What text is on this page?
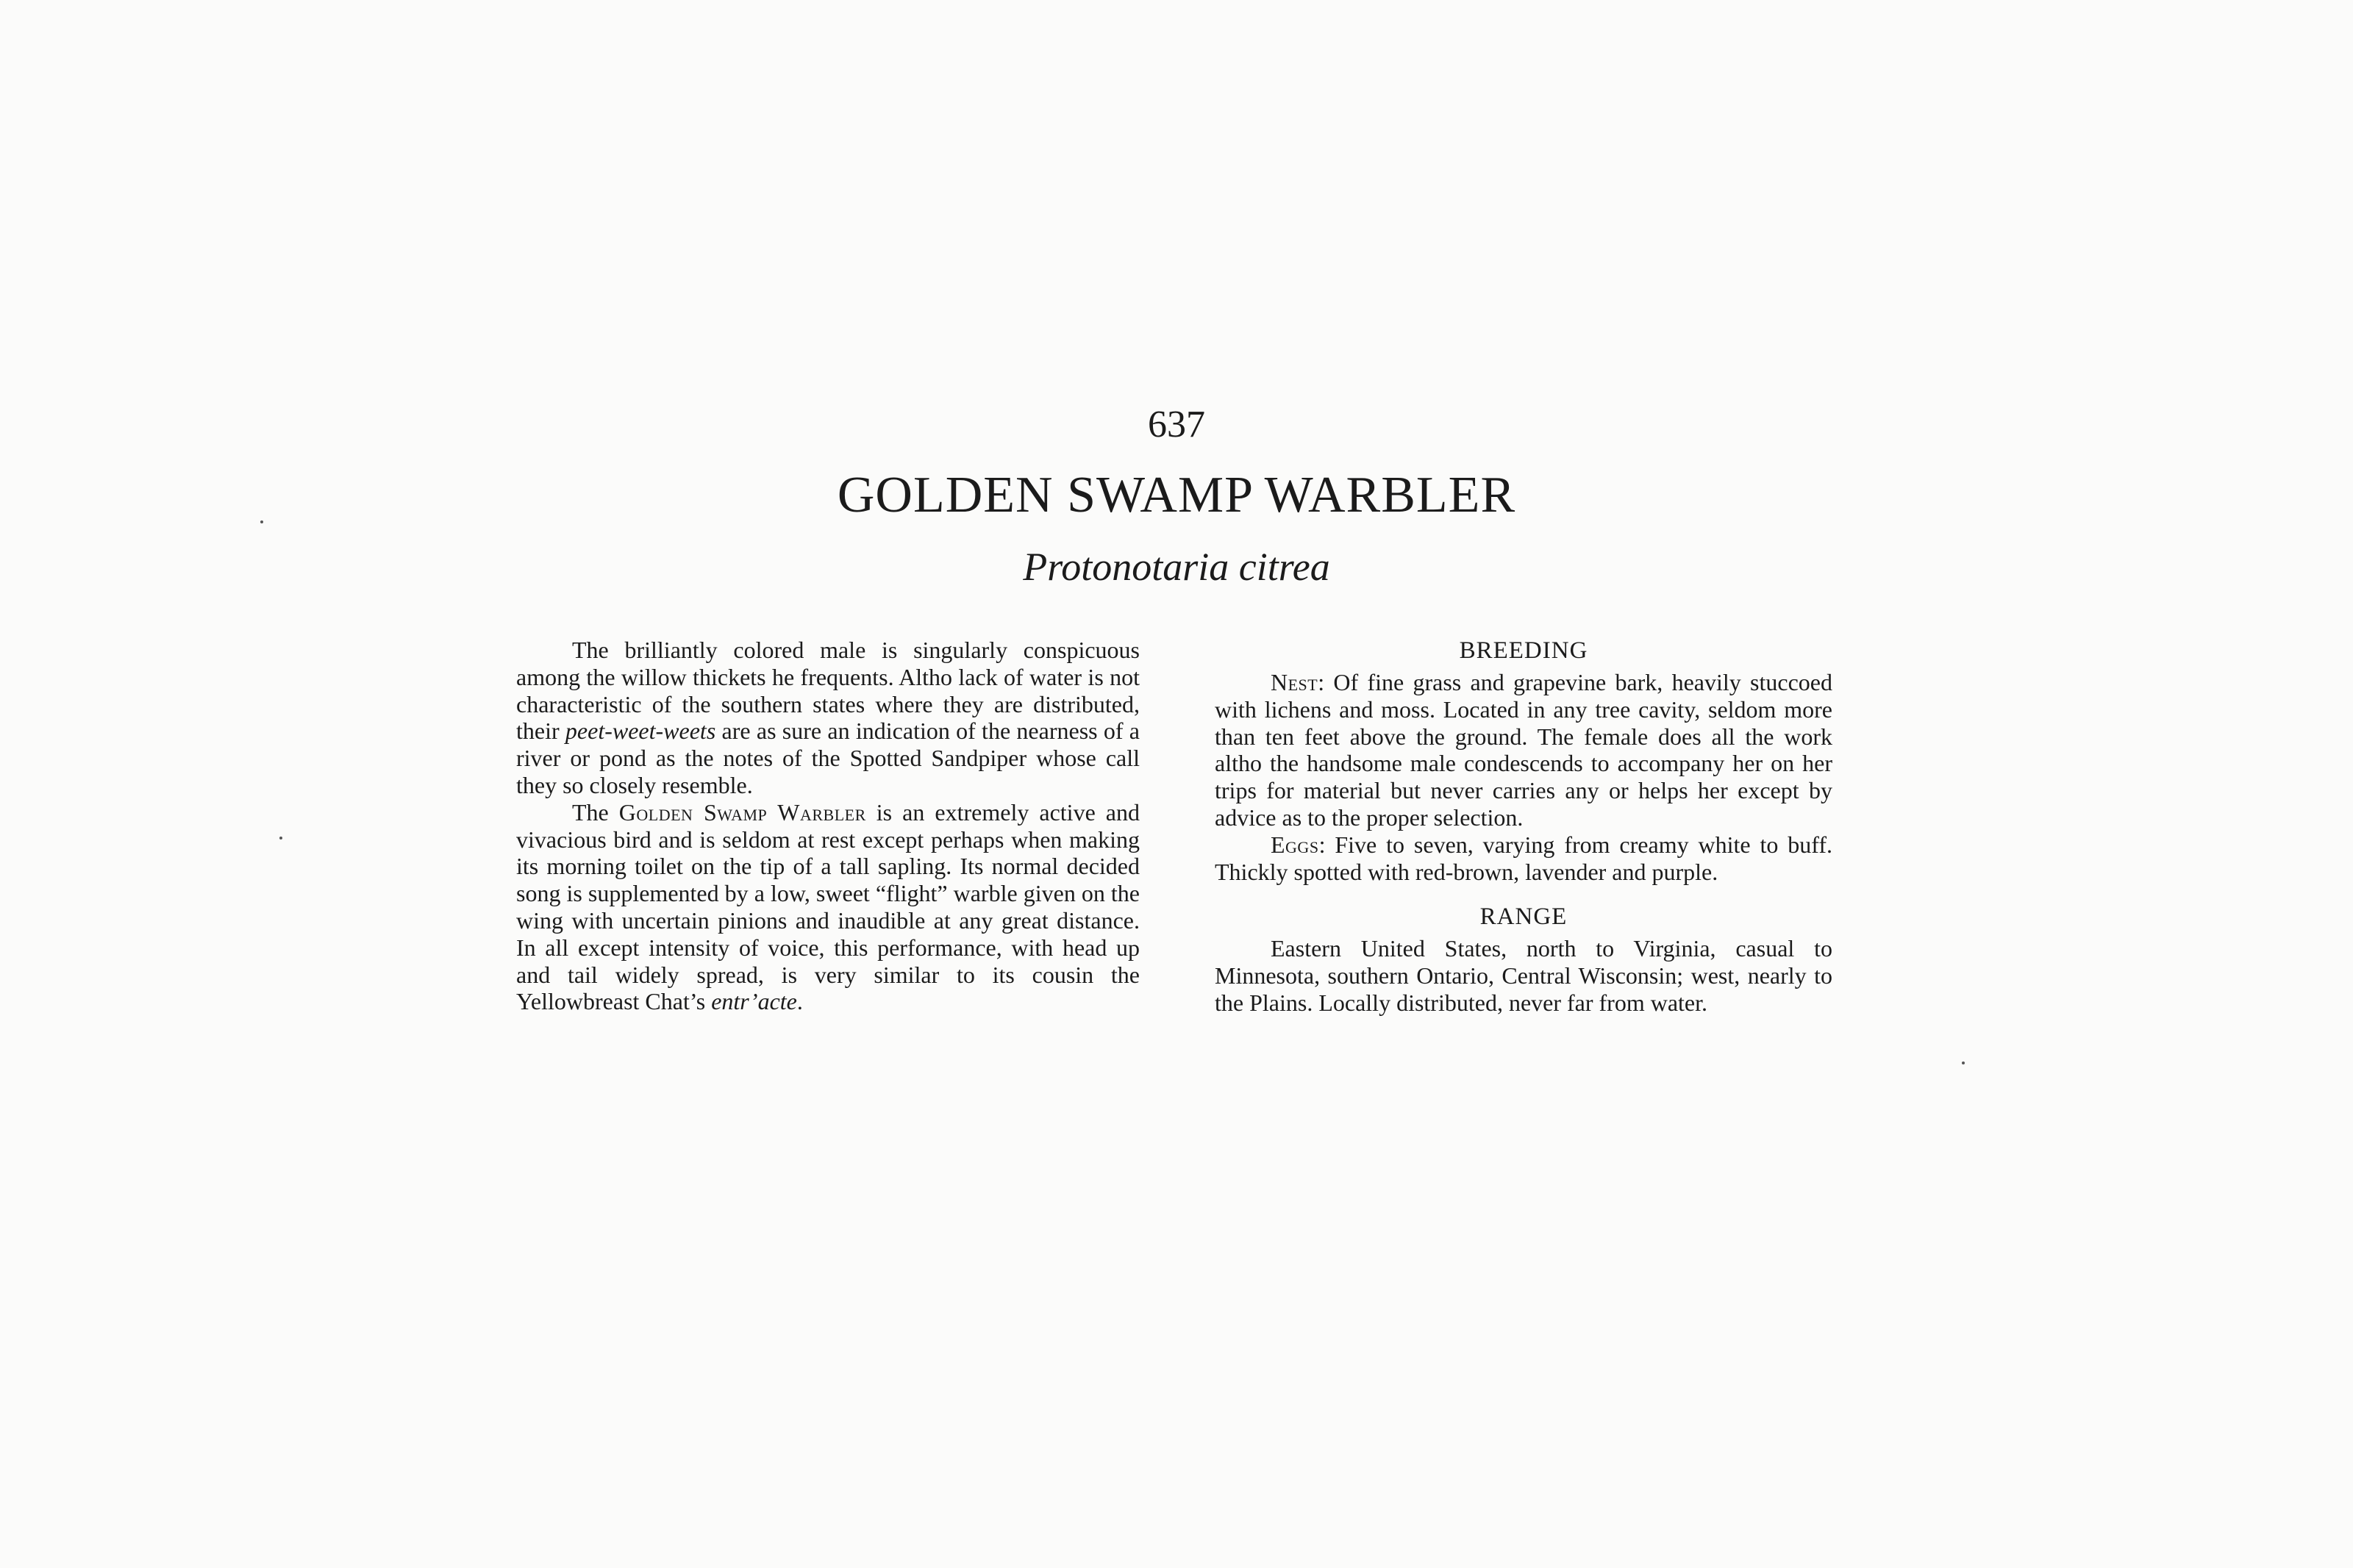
637
GOLDEN SWAMP WARBLER
Protonotaria citrea

The brilliantly colored male is singularly conspicuous among the willow thickets he frequents. Altho lack of water is not characteristic of the southern states where they are distributed, their peet-weet-weets are as sure an indication of the nearness of a river or pond as the notes of the Spotted Sandpiper whose call they so closely resemble.

The Golden Swamp Warbler is an extremely active and vivacious bird and is seldom at rest except perhaps when making its morning toilet on the tip of a tall sapling. Its normal decided song is supplemented by a low, sweet “flight” warble given on the wing with uncertain pinions and inaudible at any great distance. In all except intensity of voice, this performance, with head up and tail widely spread, is very similar to its cousin the Yellowbreast Chat’s entr’acte.

BREEDING

Nest: Of fine grass and grapevine bark, heavily stuccoed with lichens and moss. Located in any tree cavity, seldom more than ten feet above the ground. The female does all the work altho the handsome male condescends to accompany her on her trips for material but never carries any or helps her except by advice as to the proper selection.

Eggs: Five to seven, varying from creamy white to buff. Thickly spotted with red-brown, lavender and purple.

RANGE

Eastern United States, north to Virginia, casual to Minnesota, southern Ontario, Central Wisconsin; west, nearly to the Plains. Locally distributed, never far from water.
